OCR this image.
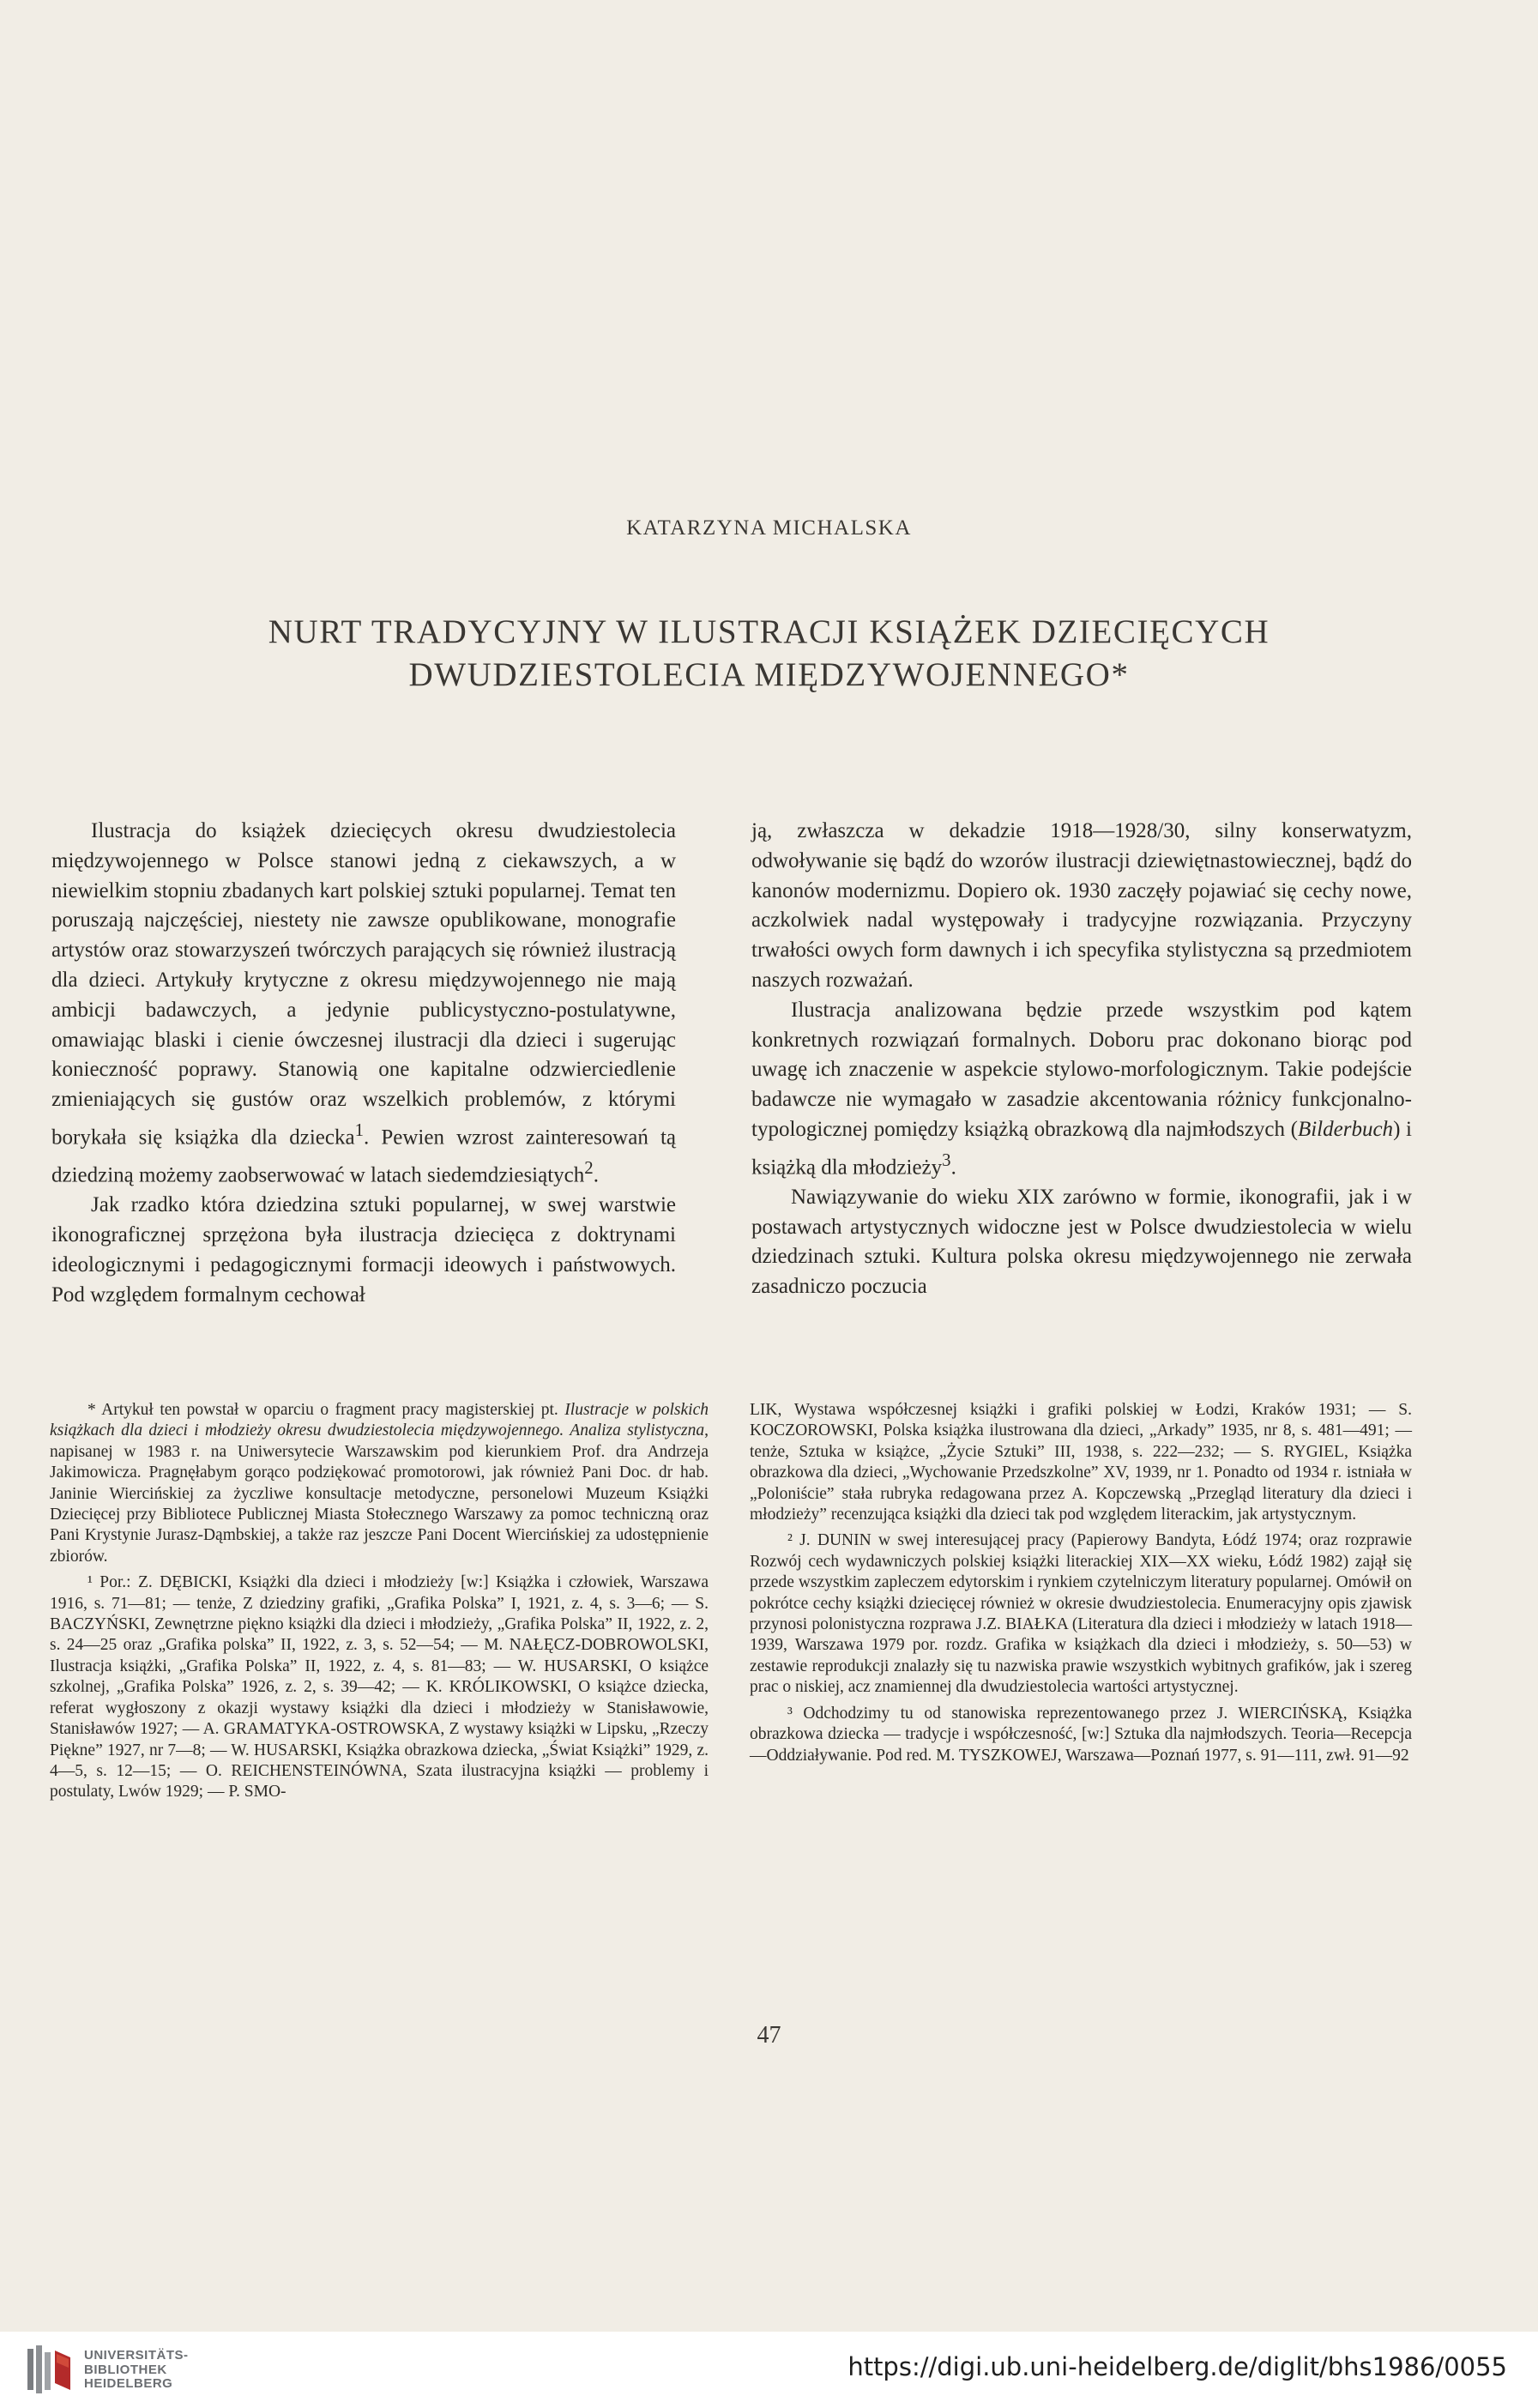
KATARZYNA MICHALSKA
NURT TRADYCYJNY W ILUSTRACJI KSIĄŻEK DZIECIĘCYCH
DWUDZIESTOLECIA MIĘDZYWOJENNEGO*

Ilustracja do książek dziecięcych okresu dwudziestolecia międzywojennego w Polsce stanowi jedną z ciekawszych, a w niewielkim stopniu zbadanych kart polskiej sztuki popularnej. Temat ten poruszają najczęściej, niestety nie zawsze opublikowane, monografie artystów oraz stowarzyszeń twórczych parających się również ilustracją dla dzieci. Artykuły krytyczne z okresu międzywojennego nie mają ambicji badawczych, a jedynie publicystyczno-postulatywne, omawiając blaski i cienie ówczesnej ilustracji dla dzieci i sugerując konieczność poprawy. Stanowią one kapitalne odzwierciedlenie zmieniających się gustów oraz wszelkich problemów, z którymi borykała się książka dla dziecka$^1$. Pewien wzrost zainteresowań tą dziedziną możemy zaobserwować w latach siedemdziesiątych$^2$.

Jak rzadko która dziedzina sztuki popularnej, w swej warstwie ikonograficznej sprzężona była ilustracja dziecięca z doktrynami ideologicznymi i pedagogicznymi formacji ideowych i państwowych. Pod względem formalnym cechował

ją, zwłaszcza w dekadzie 1918—1928/30, silny konserwatyzm, odwoływanie się bądź do wzorów ilustracji dziewiętnastowiecznej, bądź do kanonów modernizmu. Dopiero ok. 1930 zaczęły pojawiać się cechy nowe, aczkolwiek nadal występowały i tradycyjne rozwiązania. Przyczyny trwałości owych form dawnych i ich specyfika stylistyczna są przedmiotem naszych rozważań.

Ilustracja analizowana będzie przede wszystkim pod kątem konkretnych rozwiązań formalnych. Doboru prac dokonano biorąc pod uwagę ich znaczenie w aspekcie stylowo-morfologicznym. Takie podejście badawcze nie wymagało w zasadzie akcentowania różnicy funkcjonalno-typologicznej pomiędzy książką obrazkową dla najmłodszych (Bilderbuch) i książką dla młodzieży$^3$.

Nawiązywanie do wieku XIX zarówno w formie, ikonografii, jak i w postawach artystycznych widoczne jest w Polsce dwudziestolecia w wielu dziedzinach sztuki. Kultura polska okresu międzywojennego nie zerwała zasadniczo poczucia

* Artykuł ten powstał w oparciu o fragment pracy magisterskiej pt. Ilustracje w polskich książkach dla dzieci i młodzieży okresu dwudziestolecia międzywojennego. Analiza stylistyczna, napisanej w 1983 r. na Uniwersytecie Warszawskim pod kierunkiem Prof. dra Andrzeja Jakimowicza. Pragnęłabym gorąco podziękować promotorowi, jak również Pani Doc. dr hab. Janinie Wiercińskiej za życzliwe konsultacje metodyczne, personelowi Muzeum Książki Dziecięcej przy Bibliotece Publicznej Miasta Stołecznego Warszawy za pomoc techniczną oraz Pani Krystynie Jurasz-Dąmbskiej, a także raz jeszcze Pani Docent Wiercińskiej za udostępnienie zbiorów.

¹ Por.: Z. DĘBICKI, Książki dla dzieci i młodzieży [w:] Książka i człowiek, Warszawa 1916, s. 71—81; — tenże, Z dziedziny grafiki, „Grafika Polska” I, 1921, z. 4, s. 3—6; — S. BACZYŃSKI, Zewnętrzne piękno książki dla dzieci i młodzieży, „Grafika Polska” II, 1922, z. 2, s. 24—25 oraz „Grafika polska” II, 1922, z. 3, s. 52—54; — M. NAŁĘCZ-DOBROWOLSKI, Ilustracja książki, „Grafika Polska” II, 1922, z. 4, s. 81—83; — W. HUSARSKI, O książce szkolnej, „Grafika Polska” 1926, z. 2, s. 39—42; — K. KRÓLIKOWSKI, O książce dziecka, referat wygłoszony z okazji wystawy książki dla dzieci i młodzieży w Stanisławowie, Stanisławów 1927; — A. GRAMATYKA-OSTROWSKA, Z wystawy książki w Lipsku, „Rzeczy Piękne” 1927, nr 7—8; — W. HUSARSKI, Książka obrazkowa dziecka, „Świat Książki” 1929, z. 4—5, s. 12—15; — O. REICHENSTEINÓWNA, Szata ilustracyjna książki — problemy i postulaty, Lwów 1929; — P. SMO-

LIK, Wystawa współczesnej książki i grafiki polskiej w Łodzi, Kraków 1931; — S. KOCZOROWSKI, Polska książka ilustrowana dla dzieci, „Arkady” 1935, nr 8, s. 481—491; — tenże, Sztuka w książce, „Życie Sztuki” III, 1938, s. 222—232; — S. RYGIEL, Książka obrazkowa dla dzieci, „Wychowanie Przedszkolne” XV, 1939, nr 1. Ponadto od 1934 r. istniała w „Poloniście” stała rubryka redagowana przez A. Kopczewską „Przegląd literatury dla dzieci i młodzieży” recenzująca książki dla dzieci tak pod względem literackim, jak artystycznym.

² J. DUNIN w swej interesującej pracy (Papierowy Bandyta, Łódź 1974; oraz rozprawie Rozwój cech wydawniczych polskiej książki literackiej XIX—XX wieku, Łódź 1982) zajął się przede wszystkim zapleczem edytorskim i rynkiem czytelniczym literatury popularnej. Omówił on pokrótce cechy książki dziecięcej również w okresie dwudziestolecia. Enumeracyjny opis zjawisk przynosi polonistyczna rozprawa J.Z. BIAŁKA (Literatura dla dzieci i młodzieży w latach 1918—1939, Warszawa 1979 por. rozdz. Grafika w książkach dla dzieci i młodzieży, s. 50—53) w zestawie reprodukcji znalazły się tu nazwiska prawie wszystkich wybitnych grafików, jak i szereg prac o niskiej, acz znamiennej dla dwudziestolecia wartości artystycznej.

³ Odchodzimy tu od stanowiska reprezentowanego przez J. WIERCIŃSKĄ, Książka obrazkowa dziecka — tradycje i współczesność, [w:] Sztuka dla najmłodszych. Teoria—Recepcja—Oddziaływanie. Pod red. M. TYSZKOWEJ, Warszawa—Poznań 1977, s. 91—111, zwł. 91—92

47
UNIVERSITÄTS-
BIBLIOTHEK
HEIDELBERG
https://digi.ub.uni-heidelberg.de/diglit/bhs1986/0055
